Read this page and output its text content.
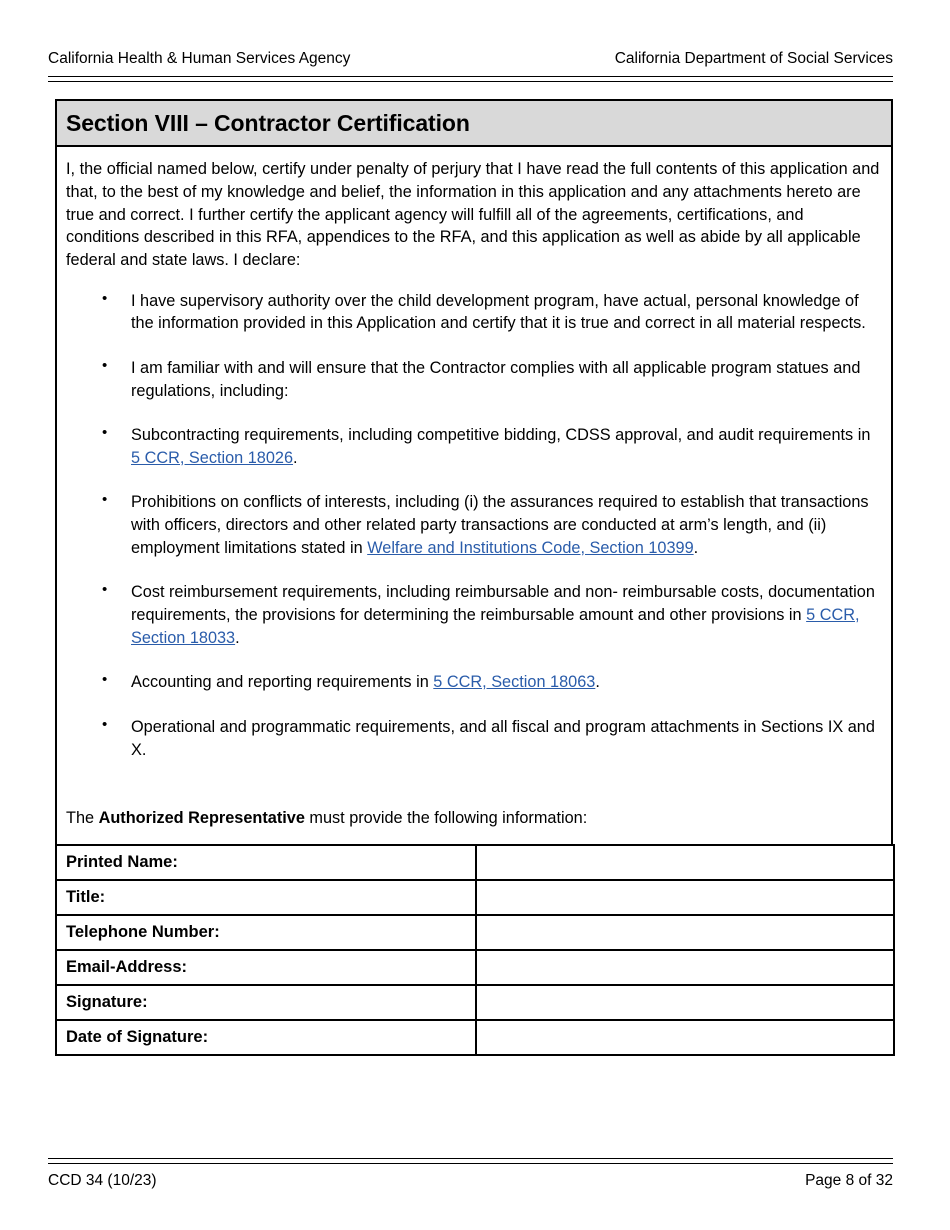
California Health & Human Services Agency	California Department of Social Services
Section VIII – Contractor Certification

I, the official named below, certify under penalty of perjury that I have read the full contents of this application and that, to the best of my knowledge and belief, the information in this application and any attachments hereto are true and correct. I further certify the applicant agency will fulfill all of the agreements, certifications, and conditions described in this RFA, appendices to the RFA, and this application as well as abide by all applicable federal and state laws. I declare:

• I have supervisory authority over the child development program, have actual, personal knowledge of the information provided in this Application and certify that it is true and correct in all material respects.
• I am familiar with and will ensure that the Contractor complies with all applicable program statues and regulations, including:
• Subcontracting requirements, including competitive bidding, CDSS approval, and audit requirements in 5 CCR, Section 18026.
• Prohibitions on conflicts of interests, including (i) the assurances required to establish that transactions with officers, directors and other related party transactions are conducted at arm’s length, and (ii) employment limitations stated in Welfare and Institutions Code, Section 10399.
• Cost reimbursement requirements, including reimbursable and non- reimbursable costs, documentation requirements, the provisions for determining the reimbursable amount and other provisions in 5 CCR, Section 18033.
• Accounting and reporting requirements in 5 CCR, Section 18063.
• Operational and programmatic requirements, and all fiscal and program attachments in Sections IX and X.

The Authorized Representative must provide the following information:

Printed Name:	
Title:	
Telephone Number:	
Email-Address:	
Signature:	
Date of Signature:	
CCD 34 (10/23)	Page 8 of 32
